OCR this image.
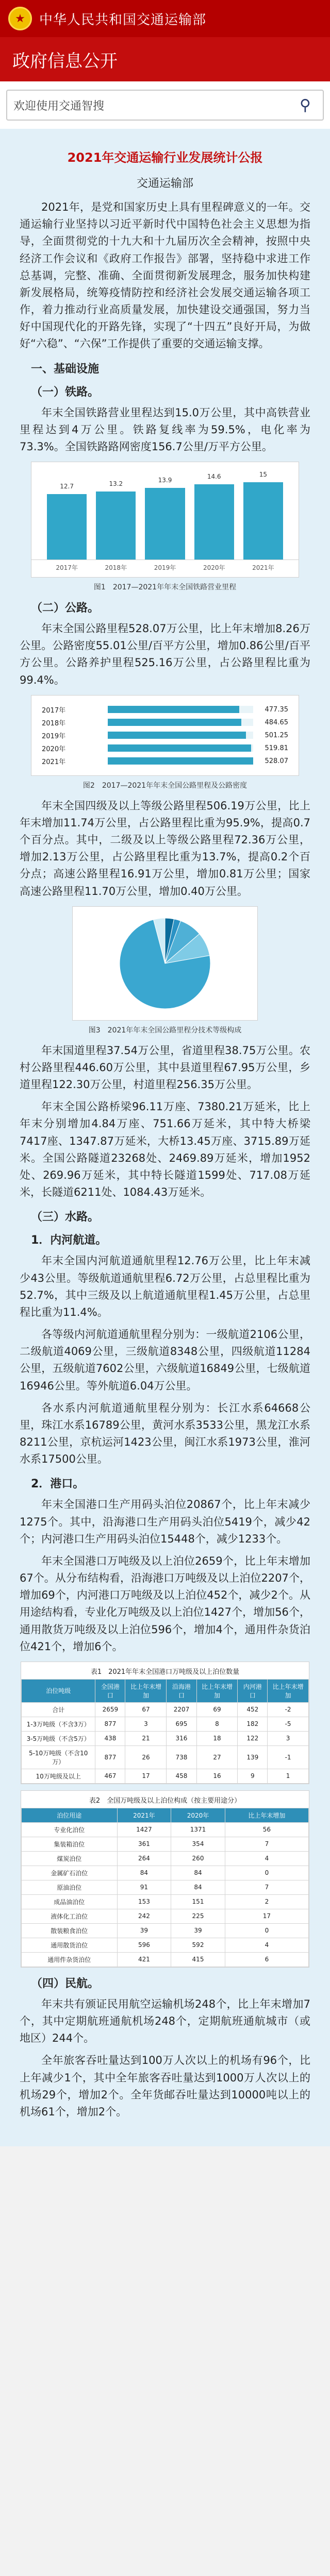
★	中华人民共和国交通运输部
政府信息公开
欢迎使用交通智搜
⚲
2021年交通运输行业发展统计公报
交通运输部

2021年，是党和国家历史上具有里程碑意义的一年。交通运输行业坚持以习近平新时代中国特色社会主义思想为指导，全面贯彻党的十九大和十九届历次全会精神，按照中央经济工作会议和《政府工作报告》部署，坚持稳中求进工作总基调，完整、准确、全面贯彻新发展理念，服务加快构建新发展格局，统筹疫情防控和经济社会发展交通运输各项工作，着力推动行业高质量发展，加快建设交通强国，努力当好中国现代化的开路先锋，实现了“十四五”良好开局，为做好“六稳”、“六保”工作提供了重要的交通运输支撑。

一、基础设施
（一）铁路。

年末全国铁路营业里程达到15.0万公里，其中高铁营业里程达到4万公里。铁路复线率为59.5%，电化率为73.3%。全国铁路路网密度156.7公里/万平方公里。

12.7	13.2	13.9	14.6	15
2017年	2018年	2019年	2020年	2021年
图1　2017—2021年年末全国铁路营业里程
（二）公路。

年末全国公路里程528.07万公里，比上年末增加8.26万公里。公路密度55.01公里/百平方公里，增加0.86公里/百平方公里。公路养护里程525.16万公里，占公路里程比重为99.4%。

2017年	477.35
2018年	484.65
2019年	501.25
2020年	519.81
2021年	528.07
图2　2017—2021年年末全国公路里程及公路密度

年末全国四级及以上等级公路里程506.19万公里，比上年末增加11.74万公里，占公路里程比重为95.9%，提高0.7个百分点。其中，二级及以上等级公路里程72.36万公里，增加2.13万公里，占公路里程比重为13.7%，提高0.2个百分点；高速公路里程16.91万公里，增加0.81万公里；国家高速公路里程11.70万公里，增加0.40万公里。

图3　2021年年末全国公路里程分技术等级构成

年末国道里程37.54万公里，省道里程38.75万公里。农村公路里程446.60万公里，其中县道里程67.95万公里，乡道里程122.30万公里，村道里程256.35万公里。

年末全国公路桥梁96.11万座、7380.21万延米，比上年末分别增加4.84万座、751.66万延米，其中特大桥梁7417座、1347.87万延米，大桥13.45万座、3715.89万延米。全国公路隧道23268处、2469.89万延米，增加1952处、269.96万延米，其中特长隧道1599处、717.08万延米，长隧道6211处、1084.43万延米。

（三）水路。
1．内河航道。

年末全国内河航道通航里程12.76万公里，比上年末减少43公里。等级航道通航里程6.72万公里，占总里程比重为52.7%，其中三级及以上航道通航里程1.45万公里，占总里程比重为11.4%。

各等级内河航道通航里程分别为：一级航道2106公里，二级航道4069公里，三级航道8348公里，四级航道11284公里，五级航道7602公里，六级航道16849公里，七级航道16946公里。等外航道6.04万公里。

各水系内河航道通航里程分别为：长江水系64668公里，珠江水系16789公里，黄河水系3533公里，黑龙江水系8211公里，京杭运河1423公里，闽江水系1973公里，淮河水系17500公里。

2．港口。

年末全国港口生产用码头泊位20867个，比上年末减少1275个。其中，沿海港口生产用码头泊位5419个，减少42个；内河港口生产用码头泊位15448个，减少1233个。

年末全国港口万吨级及以上泊位2659个，比上年末增加67个。从分布结构看，沿海港口万吨级及以上泊位2207个，增加69个，内河港口万吨级及以上泊位452个，减少2个。从用途结构看，专业化万吨级及以上泊位1427个，增加56个，通用散货万吨级及以上泊位596个，增加4个，通用件杂货泊位421个，增加6个。

表1　2021年年末全国港口万吨级及以上泊位数量
泊位吨级	全国港口	比上年末增加	沿海港口	比上年末增加	内河港口	比上年末增加
合计	2659	67	2207	69	452	-2
1-3万吨级（不含3万）	877	3	695	8	182	-5
3-5万吨级（不含5万）	438	21	316	18	122	3
5-10万吨级（不含10万）	877	26	738	27	139	-1
10万吨级及以上	467	17	458	16	9	1
表2　全国万吨级及以上泊位构成（按主要用途分）
泊位用途	2021年	2020年	比上年末增加
专业化泊位	1427	1371	56
集装箱泊位	361	354	7
煤炭泊位	264	260	4
金属矿石泊位	84	84	0
原油泊位	91	84	7
成品油泊位	153	151	2
液体化工泊位	242	225	17
散装粮食泊位	39	39	0
通用散货泊位	596	592	4
通用件杂货泊位	421	415	6
（四）民航。

年末共有颁证民用航空运输机场248个，比上年末增加7个，其中定期航班通航机场248个，定期航班通航城市（或地区）244个。

全年旅客吞吐量达到100万人次以上的机场有96个，比上年减少1个，其中全年旅客吞吐量达到1000万人次以上的机场29个，增加2个。全年货邮吞吐量达到10000吨以上的机场61个，增加2个。
